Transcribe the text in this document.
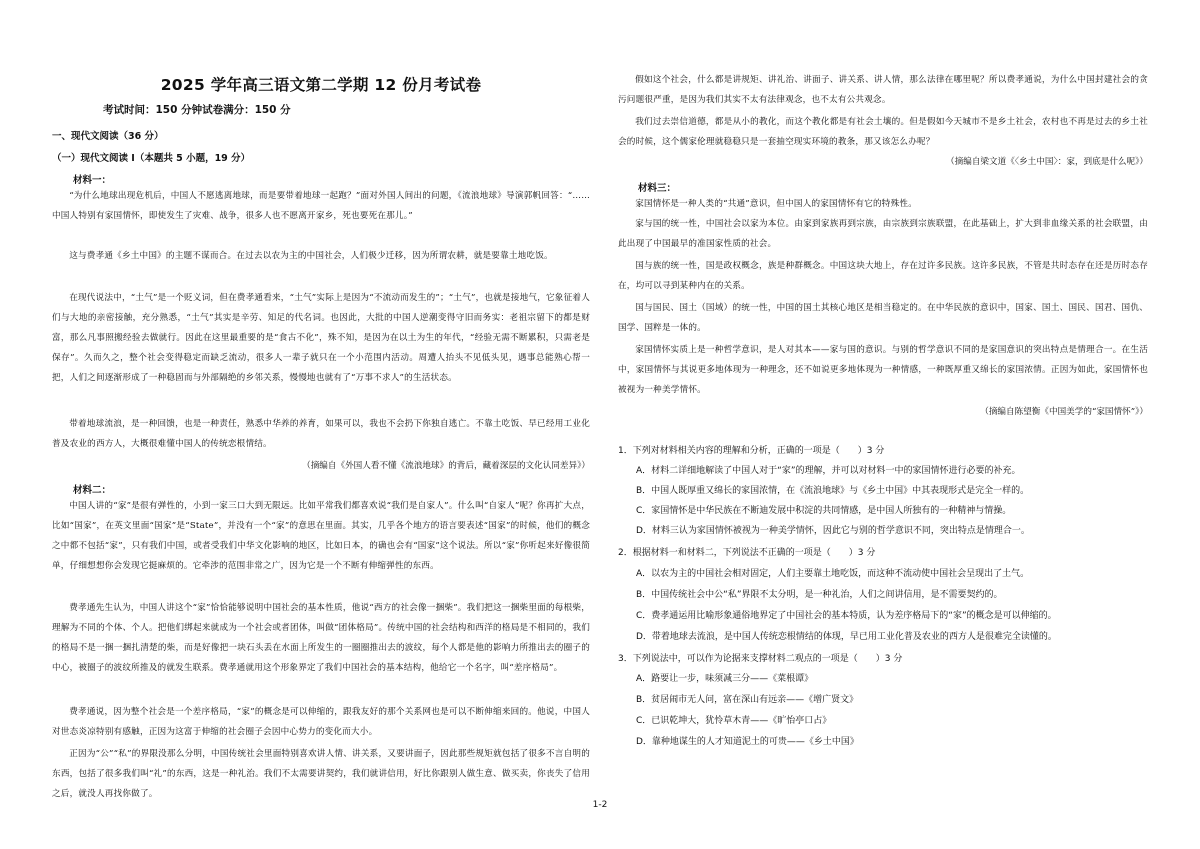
2025 学年高三语文第二学期 12 份月考试卷
考试时间：150 分钟试卷满分：150 分
一、现代文阅读（36 分）
（一）现代文阅读 Ⅰ（本题共 5 小题，19 分）
材料一：
“为什么地球出现危机后，中国人不愿逃离地球，而是要带着地球一起跑？”面对外国人间出的问题，《流浪地球》导演郭帆回答：“……中国人特别有家国情怀，即使发生了灾难、战争，很多人也不愿离开家乡，死也要死在那儿。”
这与费孝通《乡土中国》的主题不谋而合。在过去以农为主的中国社会，人们极少迁移，因为所谓农耕，就是要靠土地吃饭。
在现代说法中，“土气”是一个贬义词，但在费孝通看来，“土气”实际上是因为“不流动而发生的”；“土气”，也就是接地气，它象征着人们与大地的亲密接触，充分熟悉，“土气”其实是辛劳、知足的代名词。也因此，大批的中国人逆潮变得守旧而务实：老祖宗留下的都是财富，那么凡事照搬经验去做就行。因此在这里最重要的是“食古不化”，殊不知，是因为在以土为生的年代，“经验无需不断累积，只需老是保存”。久而久之，整个社会变得稳定而缺乏流动，很多人一辈子就只在一个小范围内活动。周遭人抬头不见低头见，遇事总能熟心帮一把，人们之间逐渐形成了一种稳固而与外部隔绝的乡邻关系，慢慢地也就有了“万事不求人”的生活状态。
带着地球流浪，是一种回馈，也是一种责任，熟悉中华养的养育，如果可以，我也不会扔下你独自逃亡。不靠土吃饭、早已经用工业化普及农业的西方人，大概很难懂中国人的传统恋根情结。
（摘编自《外国人看不懂《流浪地球》的背后，藏着深层的文化认同差异》）
材料二：
中国人讲的“家”是很有弹性的，小到一家三口大到无限远。比如平常我们都喜欢说“我们是自家人”。什么叫“自家人”呢？你再扩大点，比如“国家”，在英文里面“国家”是“State”，并没有一个“家”的意思在里面。其实，几乎各个地方的语言要表述“国家”的时候，他们的概念之中都不包括“家”，只有我们中国，或者受我们中华文化影响的地区，比如日本，的确也会有“国家”这个说法。所以“家”你听起来好像很简单，仔细想想你会发现它挺麻烦的。它牵涉的范围非常之广，因为它是一个不断有伸缩弹性的东西。
费孝通先生认为，中国人讲这个“家”恰恰能够说明中国社会的基本性质，他说“西方的社会像一捆柴”。我们把这一捆柴里面的每根柴，理解为不同的个体、个人。把他们绑起来就成为一个社会或者团体，叫做“团体格局”。传统中国的社会结构和西洋的格局是不相同的，我们的格局不是一捆一捆扎清楚的柴，而是好像把一块石头丢在水面上所发生的一圈圈推出去的波纹，每个人都是他的影响力所推出去的圈子的中心，被圈子的波纹所推及的就发生联系。费孝通就用这个形象界定了我们中国社会的基本结构，他给它一个名字，叫“差序格局”。
费孝通说，因为整个社会是一个差序格局，“家”的概念是可以伸缩的，跟我友好的那个关系网也是可以不断伸缩来回的。他说，中国人对世态炎凉特别有感触，正因为这富于伸缩的社会圈子会因中心势力的变化而大小。
正因为“公”“私”的界限没那么分明，中国传统社会里面特别喜欢讲人情、讲关系，又要讲面子，因此那些规矩就包括了很多不言自明的东西，包括了很多我们叫“礼”的东西，这是一种礼治。我们不太需要讲契约，我们就讲信用，好比你跟别人做生意、做买卖，你丧失了信用之后，就没人再找你做了。
假如这个社会，什么都是讲规矩、讲礼治、讲面子、讲关系、讲人情，那么法律在哪里呢？所以费孝通说，为什么中国封建社会的贪污问题很严重，是因为我们其实不太有法律观念，也不太有公共观念。
我们过去崇信道德，都是从小的教化，而这个教化都是有社会土壤的。但是假如今天城市不是乡土社会，农村也不再是过去的乡土社会的时候，这个儒家伦理就稳稳只是一套抽空现实环境的教条，那又该怎么办呢？
（摘编自梁文道《〈乡土中国〉：家，到底是什么呢》）
材料三：
家国情怀是一种人类的“共通”意识，但中国人的家国情怀有它的特殊性。
家与国的统一性，中国社会以家为本位。由家到家族再到宗族，由宗族到宗族联盟，在此基础上，扩大到非血缘关系的社会联盟，由此出现了中国最早的准国家性质的社会。
国与族的统一性，国是政权概念，族是种群概念。中国这块大地上，存在过许多民族。这许多民族，不管是共时态存在还是历时态存在，均可以寻到某种内在的关系。
国与国民、国土（国域）的统一性，中国的国土其核心地区是相当稳定的。在中华民族的意识中，国家、国土、国民、国君、国仇、国学、国粹是一体的。
家国情怀实质上是一种哲学意识，是人对其本——家与国的意识。与别的哲学意识不同的是家国意识的突出特点是情理合一。在生活中，家国情怀与其说更多地体现为一种理念，还不如说更多地体现为一种情感，一种既厚重又绵长的家国浓情。正因为如此，家国情怀也被视为一种美学情怀。
（摘编自陈望衡《中国美学的“家国情怀”》）
1．下列对材料相关内容的理解和分析，正确的一项是（　　）3 分
A．材料二详细地解读了中国人对于“家”的理解，并可以对材料一中的家国情怀进行必要的补充。
B．中国人既厚重又绵长的家国浓情，在《流浪地球》与《乡土中国》中其表现形式是完全一样的。
C．家国情怀是中华民族在不断迪发展中积淀的共同情感，是中国人所独有的一种精神与情操。
D．材料三认为家国情怀被视为一种美学情怀，因此它与别的哲学意识不同，突出特点是情理合一。
2．根据材料一和材料二，下列说法不正确的一项是（　　）3 分
A．以农为主的中国社会相对固定，人们主要靠土地吃饭，而这种不流动使中国社会呈现出了土气。
B．中国传统社会中公“私”界限不太分明，是一种礼治，人们之间讲信用，是不需要契约的。
C．费孝通运用比喻形象通俗地界定了中国社会的基本特质，认为差序格局下的“家”的概念是可以伸缩的。
D．带着地球去流浪，是中国人传统恋根情结的体现，早已用工业化普及农业的西方人是很难完全读懂的。
3．下列说法中，可以作为论据来支撑材料二观点的一项是（　　）3 分
A．路要让一步，味须减三分——《菜根谭》
B．贫居闹市无人问，富在深山有远亲——《增广贤文》
C．已识乾坤大，犹怜草木青——《旷怡亭口占》
D．靠种地谋生的人才知道泥土的可贵——《乡土中国》
1-2
